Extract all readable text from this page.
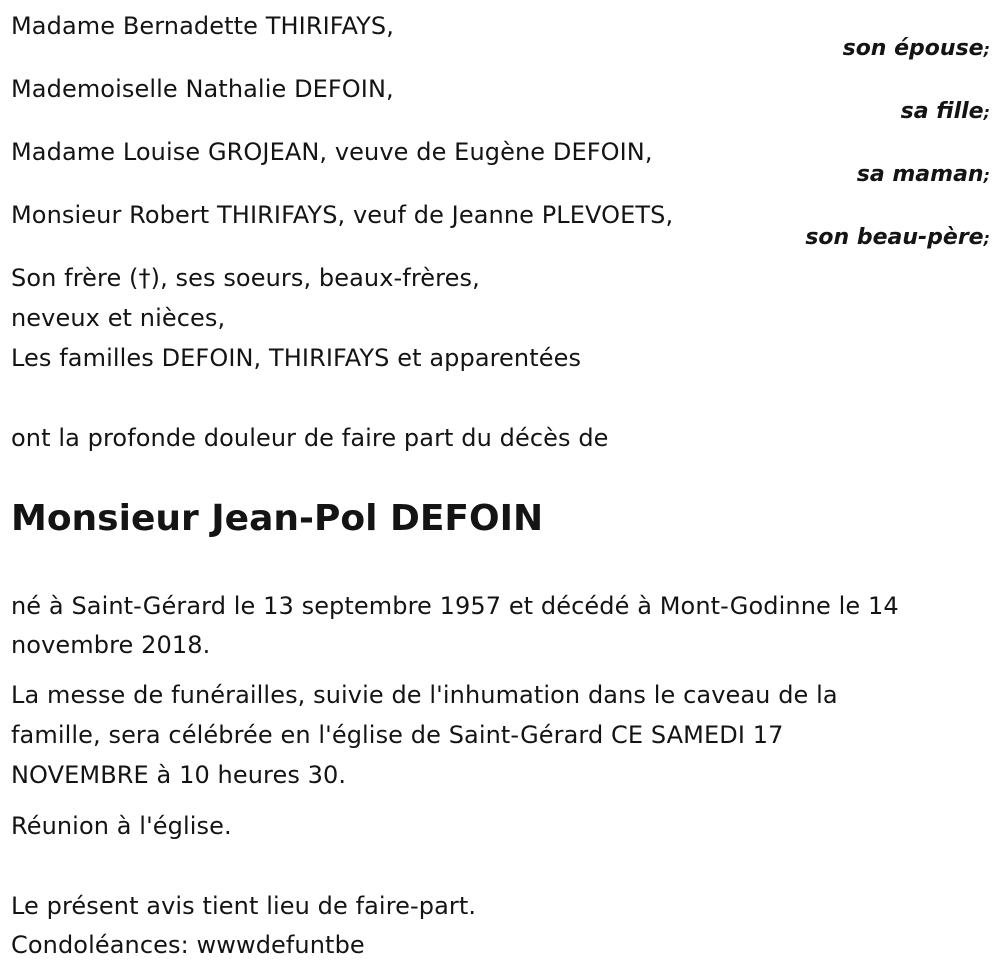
Madame Bernadette THIRIFAYS,
son épouse;
Mademoiselle Nathalie DEFOIN,
sa fille;
Madame Louise GROJEAN, veuve de Eugène DEFOIN,
sa maman;
Monsieur Robert THIRIFAYS, veuf de Jeanne PLEVOETS,
son beau-père;
Son frère (†), ses soeurs, beaux-frères,
neveux et nièces,
Les familles DEFOIN, THIRIFAYS et apparentées
ont la profonde douleur de faire part du décès de
Monsieur Jean-Pol DEFOIN
né à Saint-Gérard le 13 septembre 1957 et décédé à Mont-Godinne le 14
novembre 2018.
La messe de funérailles, suivie de l'inhumation dans le caveau de la
famille, sera célébrée en l'église de Saint-Gérard CE SAMEDI 17
NOVEMBRE à 10 heures 30.
Réunion à l'église.
Le présent avis tient lieu de faire-part.
Condoléances: wwwdefuntbe
